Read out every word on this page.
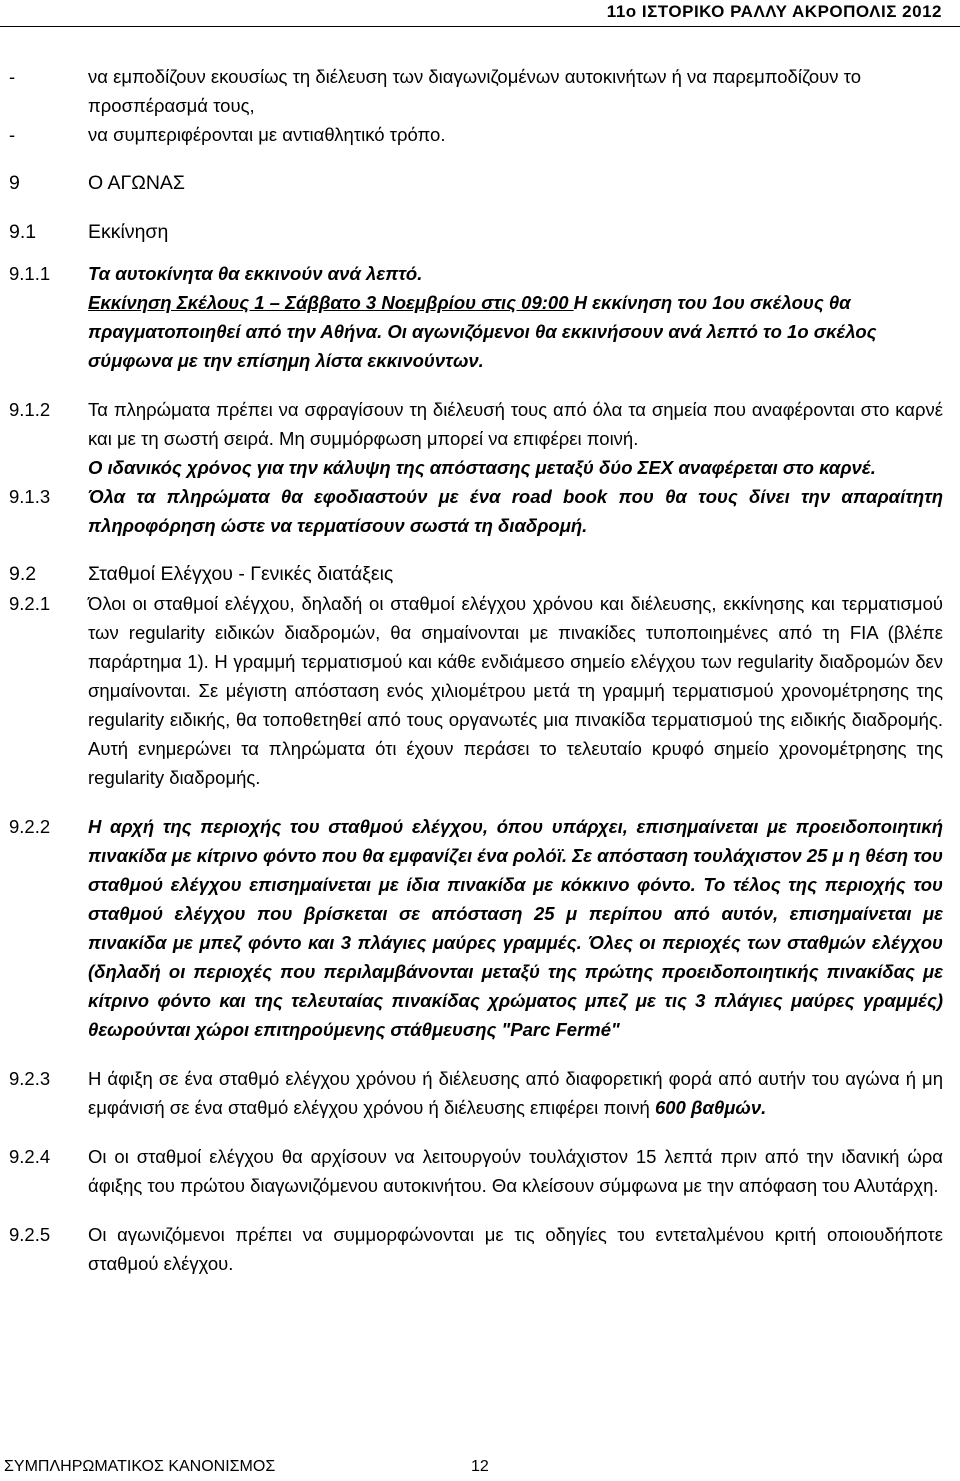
11ο ΙΣΤΟΡΙΚΟ ΡΑΛΛΥ ΑΚΡΟΠΟΛΙΣ 2012
-	να εμποδίζουν εκουσίως τη διέλευση των διαγωνιζομένων αυτοκινήτων ή να παρεμποδίζουν το προσπέρασμά τους,
-	να συμπεριφέρονται με αντιαθλητικό τρόπο.
9	Ο ΑΓΩΝΑΣ
9.1	Εκκίνηση
9.1.1	Τα αυτοκίνητα θα εκκινούν ανά λεπτό.
Εκκίνηση Σκέλους 1 – Σάββατο 3 Νοεμβρίου στις 09:00 Η εκκίνηση του 1ου σκέλους θα πραγματοποιηθεί από την Αθήνα. Οι αγωνιζόμενοι θα εκκινήσουν ανά λεπτό το 1ο σκέλος σύμφωνα με την επίσημη λίστα εκκινούντων.
9.1.2	Τα πληρώματα πρέπει να σφραγίσουν τη διέλευσή τους από όλα τα σημεία που αναφέρονται στο καρνέ και με τη σωστή σειρά. Μη συμμόρφωση μπορεί να επιφέρει ποινή.
Ο ιδανικός χρόνος για την κάλυψη της απόστασης μεταξύ δύο ΣΕΧ αναφέρεται στο καρνέ.
9.1.3	Όλα τα πληρώματα θα εφοδιαστούν με ένα road book που θα τους δίνει την απαραίτητη πληροφόρηση ώστε να τερματίσουν σωστά τη διαδρομή.
9.2	Σταθμοί Ελέγχου - Γενικές διατάξεις
9.2.1	Όλοι οι σταθμοί ελέγχου, δηλαδή οι σταθμοί ελέγχου χρόνου και διέλευσης, εκκίνησης και τερματισμού των regularity ειδικών διαδρομών, θα σημαίνονται με πινακίδες τυποποιημένες από τη FIA (βλέπε παράρτημα 1). Η γραμμή τερματισμού και κάθε ενδιάμεσο σημείο ελέγχου των regularity διαδρομών δεν σημαίνονται. Σε μέγιστη απόσταση ενός χιλιομέτρου μετά τη γραμμή τερματισμού χρονομέτρησης της regularity ειδικής, θα τοποθετηθεί από τους οργανωτές μια πινακίδα τερματισμού της ειδικής διαδρομής. Αυτή ενημερώνει τα πληρώματα ότι έχουν περάσει το τελευταίο κρυφό σημείο χρονομέτρησης της regularity διαδρομής.
9.2.2	Η αρχή της περιοχής του σταθμού ελέγχου, όπου υπάρχει, επισημαίνεται με προειδοποιητική πινακίδα με κίτρινο φόντο που θα εμφανίζει ένα ρολόϊ. Σε απόσταση τουλάχιστον 25 μ η θέση του σταθμού ελέγχου επισημαίνεται με ίδια πινακίδα με κόκκινο φόντο. Το τέλος της περιοχής του σταθμού ελέγχου που βρίσκεται σε απόσταση 25 μ περίπου από αυτόν, επισημαίνεται με πινακίδα με μπεζ φόντο και 3 πλάγιες μαύρες γραμμές. Όλες οι περιοχές των σταθμών ελέγχου (δηλαδή οι περιοχές που περιλαμβάνονται μεταξύ της πρώτης προειδοποιητικής πινακίδας με κίτρινο φόντο και της τελευταίας πινακίδας χρώματος μπεζ με τις 3 πλάγιες μαύρες γραμμές) θεωρούνται χώροι επιτηρούμενης στάθμευσης "Parc Fermé"
9.2.3	Η άφιξη σε ένα σταθμό ελέγχου χρόνου ή διέλευσης από διαφορετική φορά από αυτήν του αγώνα ή μη εμφάνισή σε ένα σταθμό ελέγχου χρόνου ή διέλευσης επιφέρει ποινή 600 βαθμών.
9.2.4	Οι οι σταθμοί ελέγχου θα αρχίσουν να λειτουργούν τουλάχιστον 15 λεπτά πριν από την ιδανική ώρα άφιξης του πρώτου διαγωνιζόμενου αυτοκινήτου. Θα κλείσουν σύμφωνα με την απόφαση του Αλυτάρχη.
9.2.5	Οι αγωνιζόμενοι πρέπει να συμμορφώνονται με τις οδηγίες του εντεταλμένου κριτή οποιουδήποτε σταθμού ελέγχου.
ΣΥΜΠΛΗΡΩΜΑΤΙΚΟΣ ΚΑΝΟΝΙΣΜΟΣ	12
